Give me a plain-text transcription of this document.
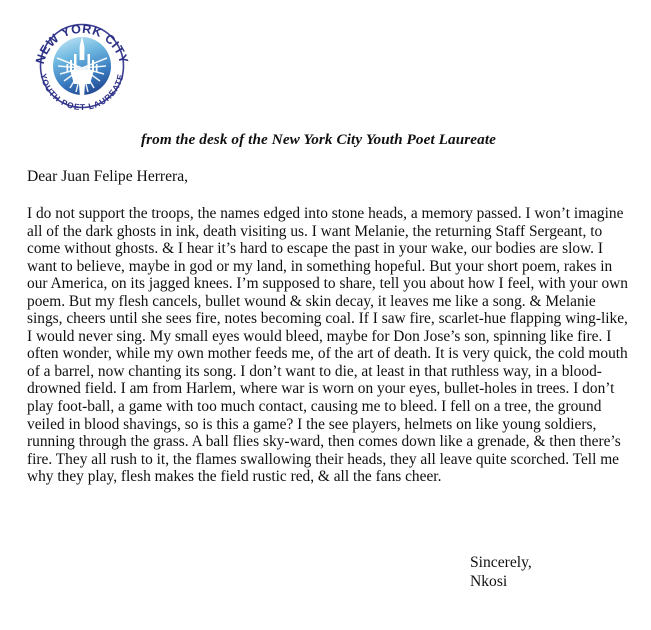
NEW YORK CITY
YOUTH POET LAUREATE
from the desk of the New York City Youth Poet Laureate
Dear Juan Felipe Herrera,

I do not support the troops, the names edged into stone heads, a memory passed. I won’t imagine all of the dark ghosts in ink, death visiting us. I want Melanie, the returning Staff Sergeant, to come without ghosts. & I hear it’s hard to escape the past in your wake, our bodies are slow. I want to believe, maybe in god or my land, in something hopeful. But your short poem, rakes in our America, on its jagged knees. I’m supposed to share, tell you about how I feel, with your own poem. But my flesh cancels, bullet wound & skin decay, it leaves me like a song. & Melanie sings, cheers until she sees fire, notes becoming coal. If I saw fire, scarlet-hue flapping wing-like, I would never sing. My small eyes would bleed, maybe for Don Jose’s son, spinning like fire. I often wonder, while my own mother feeds me, of the art of death. It is very quick, the cold mouth of a barrel, now chanting its song. I don’t want to die, at least in that ruthless way, in a blood-drowned field. I am from Harlem, where war is worn on your eyes, bullet-holes in trees. I don’t play foot-ball, a game with too much contact, causing me to bleed. I fell on a tree, the ground veiled in blood shavings, so is this a game? I the see players, helmets on like young soldiers, running through the grass. A ball flies sky-ward, then comes down like a grenade, & then there’s fire. They all rush to it, the flames swallowing their heads, they all leave quite scorched. Tell me why they play, flesh makes the field rustic red, & all the fans cheer.

Sincerely,
Nkosi
